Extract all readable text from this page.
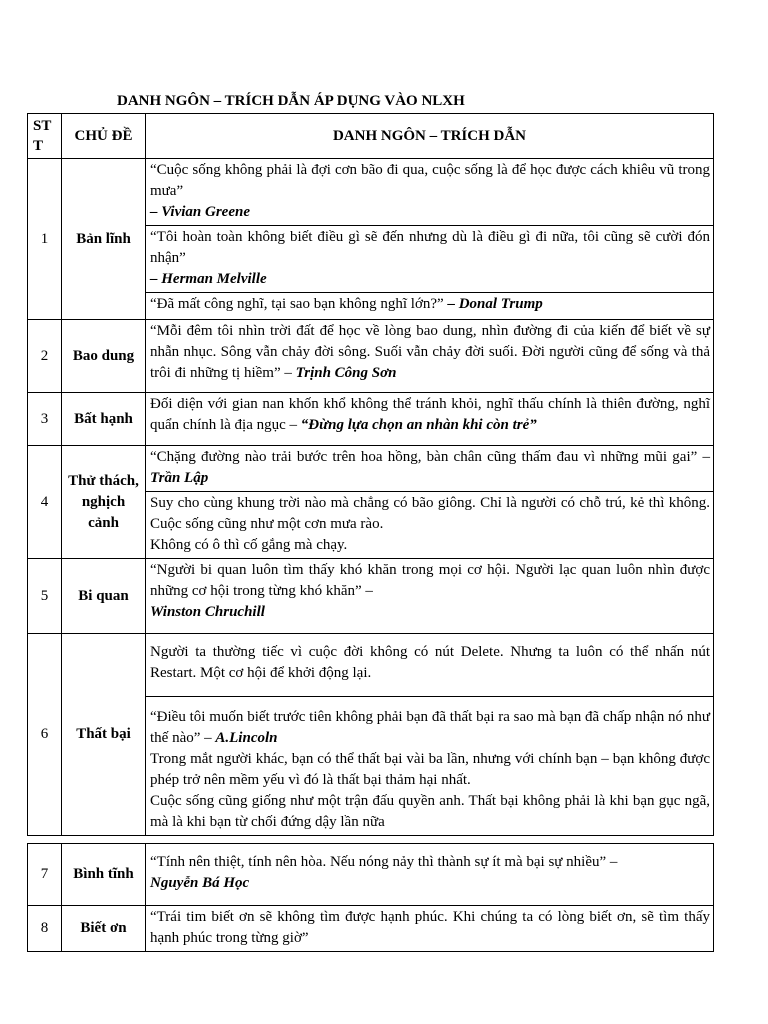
DANH NGÔN – TRÍCH DẪN ÁP DỤNG VÀO NLXH
ST T	CHỦ ĐỀ	DANH NGÔN – TRÍCH DẪN
1	Bản lĩnh	“Cuộc sống không phải là đợi cơn bão đi qua, cuộc sống là để học được cách khiêu vũ trong mưa”
– Vivian Greene
		“Tôi hoàn toàn không biết điều gì sẽ đến nhưng dù là điều gì đi nữa, tôi cũng sẽ cười đón nhận”
– Herman Melville
		“Đã mất công nghĩ, tại sao bạn không nghĩ lớn?” – Donal Trump
2	Bao dung	“Mỗi đêm tôi nhìn trời đất để học về lòng bao dung, nhìn đường đi của kiến để biết về sự nhẫn nhục. Sông vẫn chảy đời sông. Suối vẫn chảy đời suối. Đời người cũng để sống và thả trôi đi những tị hiềm” – Trịnh Công Sơn
3	Bất hạnh	Đối diện với gian nan khốn khổ không thể tránh khỏi, nghĩ thấu chính là thiên đường, nghĩ quẩn chính là địa ngục – “Đừng lựa chọn an nhàn khi còn trẻ”
4	Thử thách, nghịch cảnh	“Chặng đường nào trải bước trên hoa hồng, bàn chân cũng thấm đau vì những mũi gai” – Trần Lập
		Suy cho cùng khung trời nào mà chẳng có bão giông. Chỉ là người có chỗ trú, kẻ thì không. Cuộc sống cũng như một cơn mưa rào.
Không có ô thì cố gắng mà chạy.
5	Bi quan	“Người bi quan luôn tìm thấy khó khăn trong mọi cơ hội. Người lạc quan luôn nhìn được những cơ hội trong từng khó khăn” –
Winston Chruchill
6	Thất bại	Người ta thường tiếc vì cuộc đời không có nút Delete. Nhưng ta luôn có thể nhấn nút Restart. Một cơ hội để khởi động lại.
		“Điều tôi muốn biết trước tiên không phải bạn đã thất bại ra sao mà bạn đã chấp nhận nó như thế nào” – A.Lincoln
Trong mắt người khác, bạn có thể thất bại vài ba lần, nhưng với chính bạn – bạn không được phép trở nên mềm yếu vì đó là thất bại thảm hại nhất.
Cuộc sống cũng giống như một trận đấu quyền anh. Thất bại không phải là khi bạn gục ngã, mà là khi bạn từ chối đứng dậy lần nữa
7	Bình tĩnh	“Tính nên thiệt, tính nên hòa. Nếu nóng nảy thì thành sự ít mà bại sự nhiều” –
Nguyễn Bá Học
8	Biết ơn	“Trái tim biết ơn sẽ không tìm được hạnh phúc. Khi chúng ta có lòng biết ơn, sẽ tìm thấy hạnh phúc trong từng giờ”
